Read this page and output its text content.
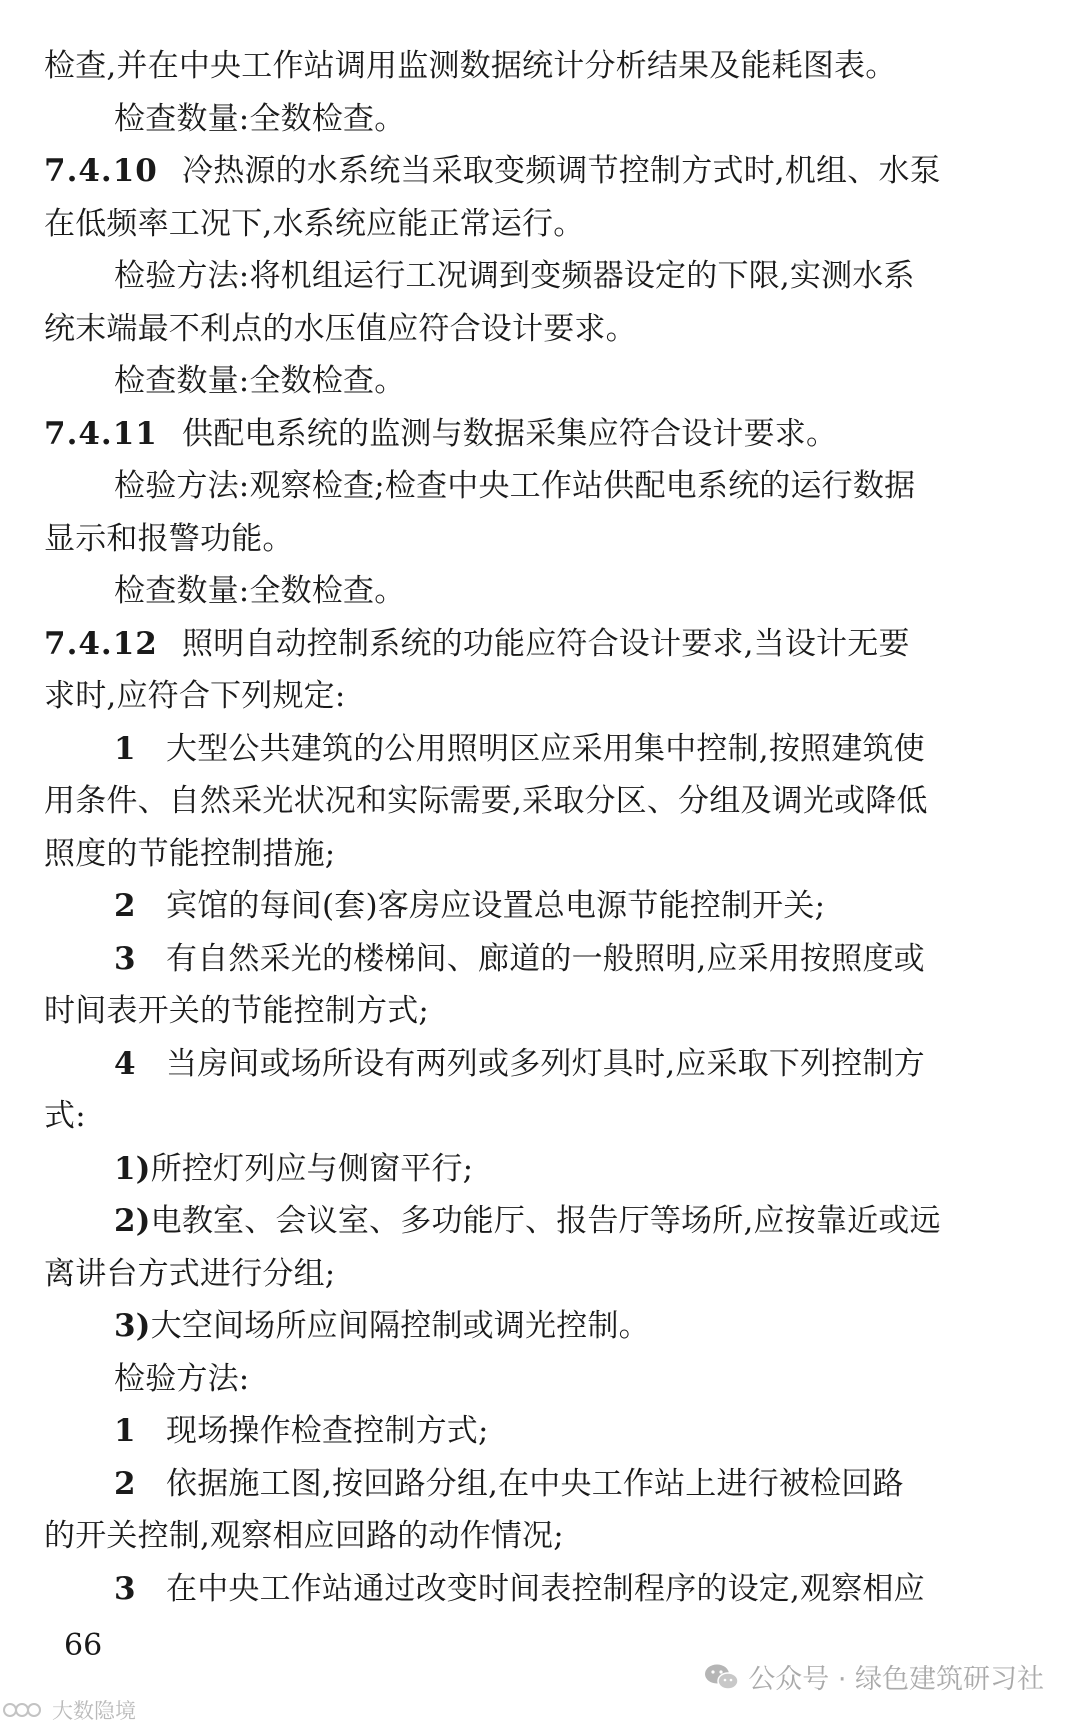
检查,并在中央工作站调用监测数据统计分析结果及能耗图表。
检查数量:全数检查。
7.4.10 冷热源的水系统当采取变频调节控制方式时,机组、水泵
在低频率工况下,水系统应能正常运行。
检验方法:将机组运行工况调到变频器设定的下限,实测水系
统末端最不利点的水压值应符合设计要求。
检查数量:全数检查。
7.4.11 供配电系统的监测与数据采集应符合设计要求。
检验方法:观察检查;检查中央工作站供配电系统的运行数据
显示和报警功能。
检查数量:全数检查。
7.4.12 照明自动控制系统的功能应符合设计要求,当设计无要
求时,应符合下列规定:
1 大型公共建筑的公用照明区应采用集中控制,按照建筑使
用条件、自然采光状况和实际需要,采取分区、分组及调光或降低
照度的节能控制措施;
2 宾馆的每间(套)客房应设置总电源节能控制开关;
3 有自然采光的楼梯间、廊道的一般照明,应采用按照度或
时间表开关的节能控制方式;
4 当房间或场所设有两列或多列灯具时,应采取下列控制方
式:
1)所控灯列应与侧窗平行;
2)电教室、会议室、多功能厅、报告厅等场所,应按靠近或远
离讲台方式进行分组;
3)大空间场所应间隔控制或调光控制。
检验方法:
1 现场操作检查控制方式;
2 依据施工图,按回路分组,在中央工作站上进行被检回路
的开关控制,观察相应回路的动作情况;
3 在中央工作站通过改变时间表控制程序的设定,观察相应
66
公众号 · 绿色建筑研习社
大数隐境
